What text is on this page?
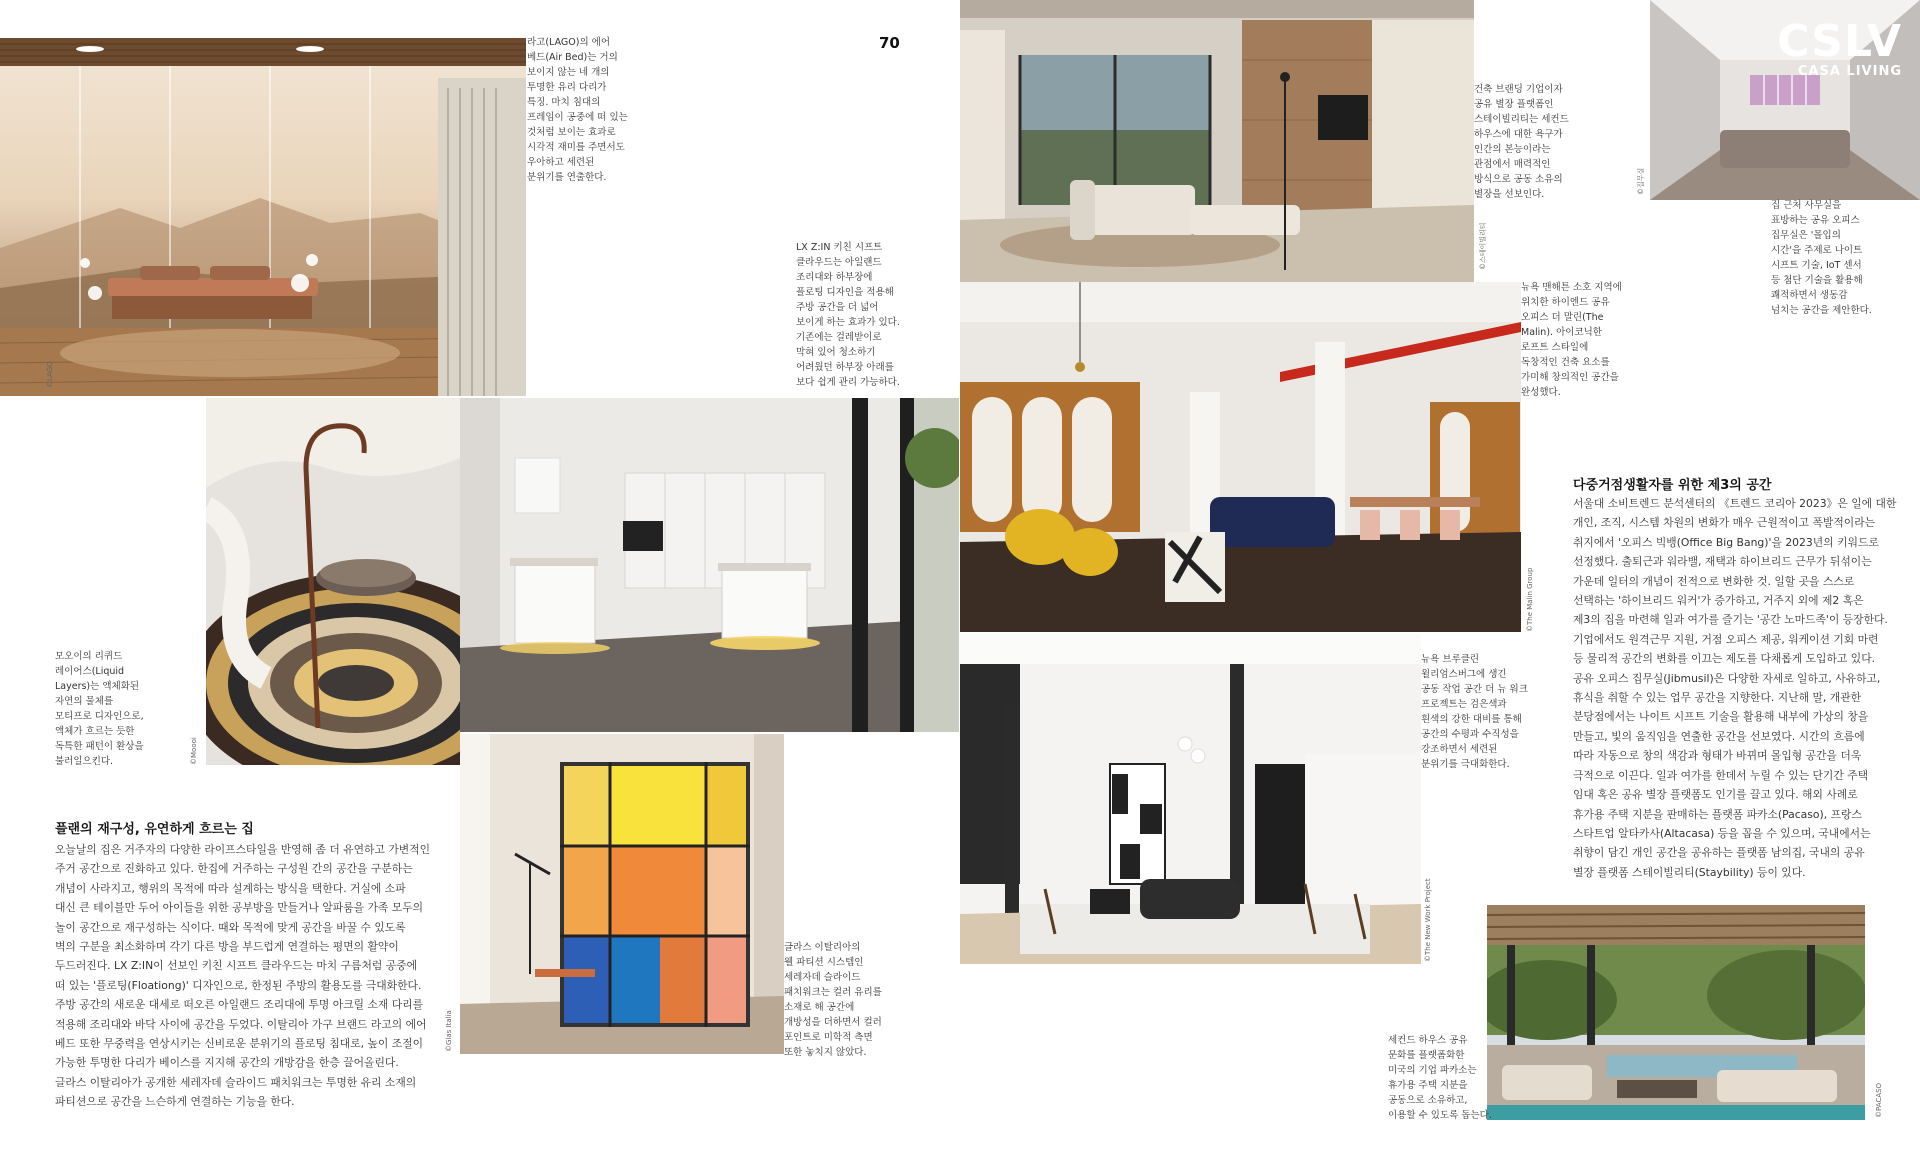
©LAGO
라고(LAGO)의 에어
베드(Air Bed)는 거의
보이지 않는 네 개의
투명한 유리 다리가
특징. 마치 침대의
프레임이 공중에 떠 있는
것처럼 보이는 효과로
시각적 재미를 주면서도
우아하고 세련된
분위기를 연출한다.
70
LX Z:IN 키친 시프트
클라우드는 아일랜드
조리대와 하부장에
플로팅 디자인을 적용해
주방 공간을 더 넓어
보이게 하는 효과가 있다.
기존에는 걸레받이로
막혀 있어 청소하기
어려웠던 하부장 아래를
보다 쉽게 관리 가능하다.
©Moooi
모오이의 리퀴드
레이어스(Liquid
Layers)는 액체화된
자연의 물체를
모티프로 디자인으로,
액체가 흐르는 듯한
독특한 패턴이 환상을
불러일으킨다.
©LX Z:IN
©Glas Italia
글라스 이탈리아의
웰 파티션 시스템인
세레자데 슬라이드
패치워크는 컬러 유리를
소재로 해 공간에
개방성을 더하면서 컬러
포인트로 미학적 측면
또한 놓치지 않았다.
플랜의 재구성, 유연하게 흐르는 집
오늘날의 집은 거주자의 다양한 라이프스타일을 반영해 좀 더 유연하고 가변적인
주거 공간으로 진화하고 있다. 한집에 거주하는 구성원 간의 공간을 구분하는
개념이 사라지고, 행위의 목적에 따라 설계하는 방식을 택한다. 거실에 소파
대신 큰 테이블만 두어 아이들을 위한 공부방을 만들거나 알파룸을 가족 모두의
놀이 공간으로 재구성하는 식이다. 때와 목적에 맞게 공간을 바꿀 수 있도록
벽의 구분을 최소화하며 각기 다른 방을 부드럽게 연결하는 평면의 활약이
두드러진다. LX Z:IN이 선보인 키친 시프트 클라우드는 마치 구름처럼 공중에
떠 있는 '플로팅(Floationg)' 디자인으로, 한정된 주방의 활용도를 극대화한다.
주방 공간의 새로운 대세로 떠오른 아일랜드 조리대에 투명 아크릴 소재 다리를
적용해 조리대와 바닥 사이에 공간을 두었다. 이탈리아 가구 브랜드 라고의 에어
베드 또한 무중력을 연상시키는 신비로운 분위기의 플로팅 침대로, 높이 조절이
가능한 투명한 다리가 베이스를 지지해 공간의 개방감을 한층 끌어올린다.
글라스 이탈리아가 공개한 세레자데 슬라이드 패치워크는 투명한 유리 소재의
파티션으로 공간을 느슨하게 연결하는 기능을 한다.
©스테이빌리티
건축 브랜딩 기업이자
공유 별장 플랫폼인
스테이빌리티는 세컨드
하우스에 대한 욕구가
인간의 본능이라는
관점에서 매력적인
방식으로 공동 소유의
별장을 선보인다.
CSLV
CASA LIVING
©집무실
집 근처 사무실을
표방하는 공유 오피스
집무실은 '몰입의
시간'을 주제로 나이트
시프트 기술, IoT 센서
등 첨단 기술을 활용해
쾌적하면서 생동감
넘치는 공간을 제안한다.
©The Malin Group
뉴욕 맨해튼 소호 지역에
위치한 하이엔드 공유
오피스 더 말린(The
Malin). 아이코닉한
로프트 스타일에
독창적인 건축 요소를
가미해 창의적인 공간을
완성했다.
©The New Work Project
뉴욕 브루클린
윌리엄스버그에 생긴
공동 작업 공간 더 뉴 워크
프로젝트는 검은색과
흰색의 강한 대비를 통해
공간의 수평과 수직성을
강조하면서 세련된
분위기를 극대화한다.
다중거점생활자를 위한 제3의 공간
서울대 소비트렌드 분석센터의 《트렌드 코리아 2023》은 일에 대한
개인, 조직, 시스템 차원의 변화가 매우 근원적이고 폭발적이라는
취지에서 '오피스 빅뱅(Office Big Bang)'을 2023년의 키워드로
선정했다. 출퇴근과 워라밸, 재택과 하이브리드 근무가 뒤섞이는
가운데 일터의 개념이 전적으로 변화한 것. 일할 곳을 스스로
선택하는 '하이브리드 워커'가 증가하고, 거주지 외에 제2 혹은
제3의 집을 마련해 일과 여가를 즐기는 '공간 노마드족'이 등장한다.
기업에서도 원격근무 지원, 거점 오피스 제공, 워케이션 기회 마련
등 물리적 공간의 변화를 이끄는 제도를 다채롭게 도입하고 있다.
공유 오피스 집무실(Jibmusil)은 다양한 자세로 일하고, 사유하고,
휴식을 취할 수 있는 업무 공간을 지향한다. 지난해 말, 개관한
분당점에서는 나이트 시프트 기술을 활용해 내부에 가상의 창을
만들고, 빛의 움직임을 연출한 공간을 선보였다. 시간의 흐름에
따라 자동으로 창의 색감과 형태가 바뀌며 몰입형 공간을 더욱
극적으로 이끈다. 일과 여가를 한데서 누릴 수 있는 단기간 주택
임대 혹은 공유 별장 플랫폼도 인기를 끌고 있다. 해외 사례로
휴가용 주택 지분을 판매하는 플랫폼 파카소(Pacaso), 프랑스
스타트업 알타카사(Altacasa) 등을 꼽을 수 있으며, 국내에서는
취향이 담긴 개인 공간을 공유하는 플랫폼 남의집, 국내의 공유
별장 플랫폼 스테이빌리티(Staybility) 등이 있다.
©PACASO
세컨드 하우스 공유
문화를 플랫폼화한
미국의 기업 파카소는
휴가용 주택 지분을
공동으로 소유하고,
이용할 수 있도록 돕는다.
